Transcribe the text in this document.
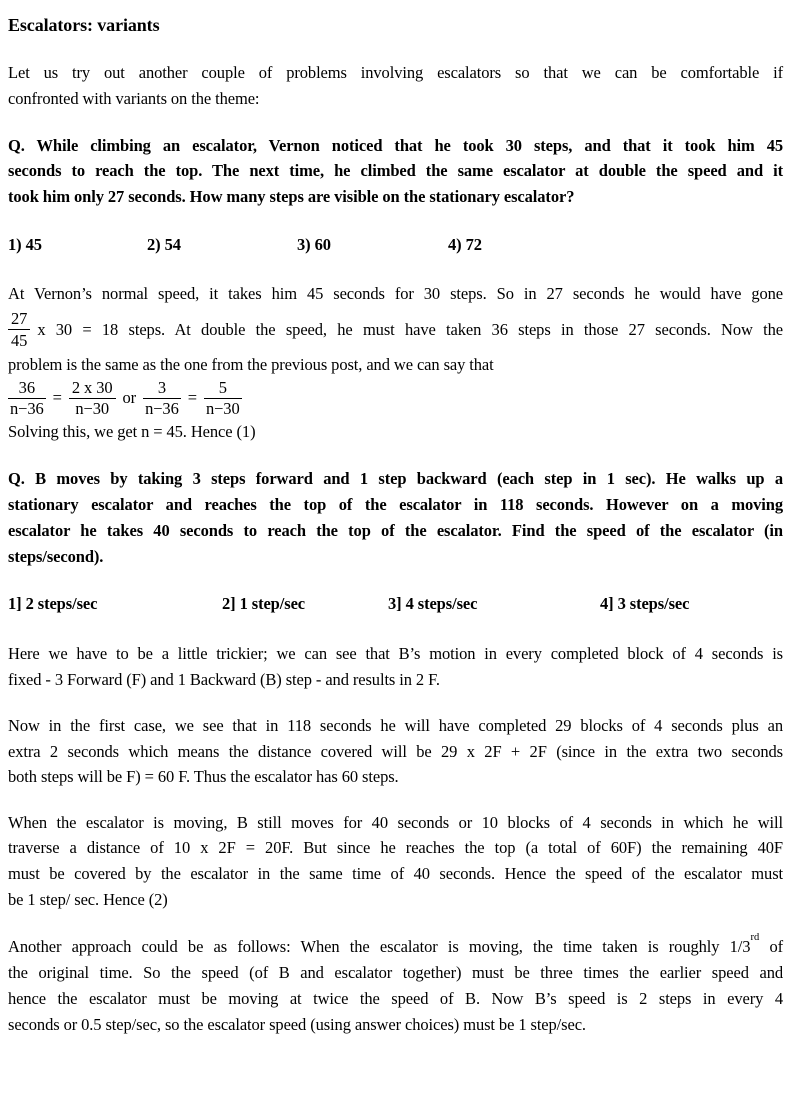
Escalators: variants
Let us try out another couple of problems involving escalators so that we can be comfortable if
confronted with variants on the theme:
Q. While climbing an escalator, Vernon noticed that he took 30 steps, and that it took him 45
seconds to reach the top. The next time, he climbed the same escalator at double the speed and it
took him only 27 seconds. How many steps are visible on the stationary escalator?
1) 45	2) 54	3) 60	4) 72
At Vernon’s normal speed, it takes him 45 seconds for 30 steps. So in 27 seconds he would have gone
$\frac{27}{45}$ x 30 = 18 steps. At double the speed, he must have taken 36 steps in those 27 seconds. Now the
problem is the same as the one from the previous post, and we can say that
$\frac{36}{n-36} = \frac{2 x 30}{n-30}$ or $\frac{3}{n-36} = \frac{5}{n-30}$
Solving this, we get n = 45. Hence (1)
Q. B moves by taking 3 steps forward and 1 step backward (each step in 1 sec). He walks up a
stationary escalator and reaches the top of the escalator in 118 seconds. However on a moving
escalator he takes 40 seconds to reach the top of the escalator. Find the speed of the escalator (in
steps/second).
1] 2 steps/sec	2] 1 step/sec	3] 4 steps/sec	4] 3 steps/sec
Here we have to be a little trickier; we can see that B’s motion in every completed block of 4 seconds is
fixed - 3 Forward (F) and 1 Backward (B) step - and results in 2 F.
Now in the first case, we see that in 118 seconds he will have completed 29 blocks of 4 seconds plus an
extra 2 seconds which means the distance covered will be 29 x 2F + 2F (since in the extra two seconds
both steps will be F) = 60 F. Thus the escalator has 60 steps.
When the escalator is moving, B still moves for 40 seconds or 10 blocks of 4 seconds in which he will
traverse a distance of 10 x 2F = 20F. But since he reaches the top (a total of 60F) the remaining 40F
must be covered by the escalator in the same time of 40 seconds. Hence the speed of the escalator must
be 1 step/ sec. Hence (2)
Another approach could be as follows: When the escalator is moving, the time taken is roughly 1/3rd of
the original time. So the speed (of B and escalator together) must be three times the earlier speed and
hence the escalator must be moving at twice the speed of B. Now B’s speed is 2 steps in every 4
seconds or 0.5 step/sec, so the escalator speed (using answer choices) must be 1 step/sec.
